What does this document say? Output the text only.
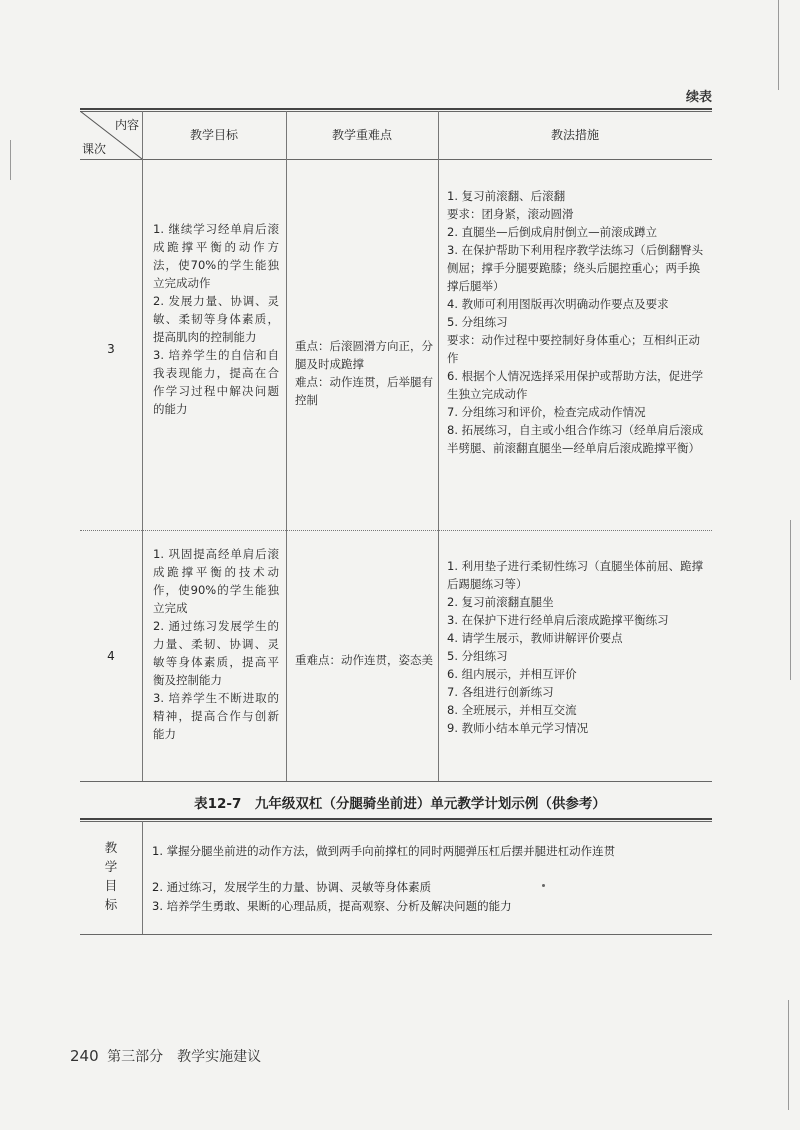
续表
内容
课次
教学目标	教学重难点	教法措施
3
1. 继续学习经单肩后滚成跪撑平衡的动作方法，使70%的学生能独立完成动作
2. 发展力量、协调、灵敏、柔韧等身体素质，提高肌肉的控制能力
3. 培养学生的自信和自我表现能力，提高在合作学习过程中解决问题的能力
重点：后滚圆滑方向正，分腿及时成跪撑
难点：动作连贯，后举腿有控制
1. 复习前滚翻、后滚翻
要求：团身紧，滚动圆滑
2. 直腿坐—后倒成肩肘倒立—前滚成蹲立
3. 在保护帮助下利用程序教学法练习（后倒翻臀头侧屈；撑手分腿要跪膝；绕头后腿控重心；两手换撑后腿举）
4. 教师可利用图版再次明确动作要点及要求
5. 分组练习
要求：动作过程中要控制好身体重心；互相纠正动作
6. 根据个人情况选择采用保护或帮助方法，促进学生独立完成动作
7. 分组练习和评价，检查完成动作情况
8. 拓展练习，自主或小组合作练习（经单肩后滚成半劈腿、前滚翻直腿坐—经单肩后滚成跪撑平衡）
4
1. 巩固提高经单肩后滚成跪撑平衡的技术动作，使90%的学生能独立完成
2. 通过练习发展学生的力量、柔韧、协调、灵敏等身体素质，提高平衡及控制能力
3. 培养学生不断进取的精神，提高合作与创新能力
重难点：动作连贯，姿态美
1. 利用垫子进行柔韧性练习（直腿坐体前屈、跪撑后踢腿练习等）
2. 复习前滚翻直腿坐
3. 在保护下进行经单肩后滚成跪撑平衡练习
4. 请学生展示，教师讲解评价要点
5. 分组练习
6. 组内展示，并相互评价
7. 各组进行创新练习
8. 全班展示，并相互交流
9. 教师小结本单元学习情况
表12-7　九年级双杠（分腿骑坐前进）单元教学计划示例（供参考）
教
学
目
标
1. 掌握分腿坐前进的动作方法，做到两手向前撑杠的同时两腿弹压杠后摆并腿进杠动作连贯
2. 通过练习，发展学生的力量、协调、灵敏等身体素质
3. 培养学生勇敢、果断的心理品质，提高观察、分析及解决问题的能力
240 第三部分　教学实施建议
